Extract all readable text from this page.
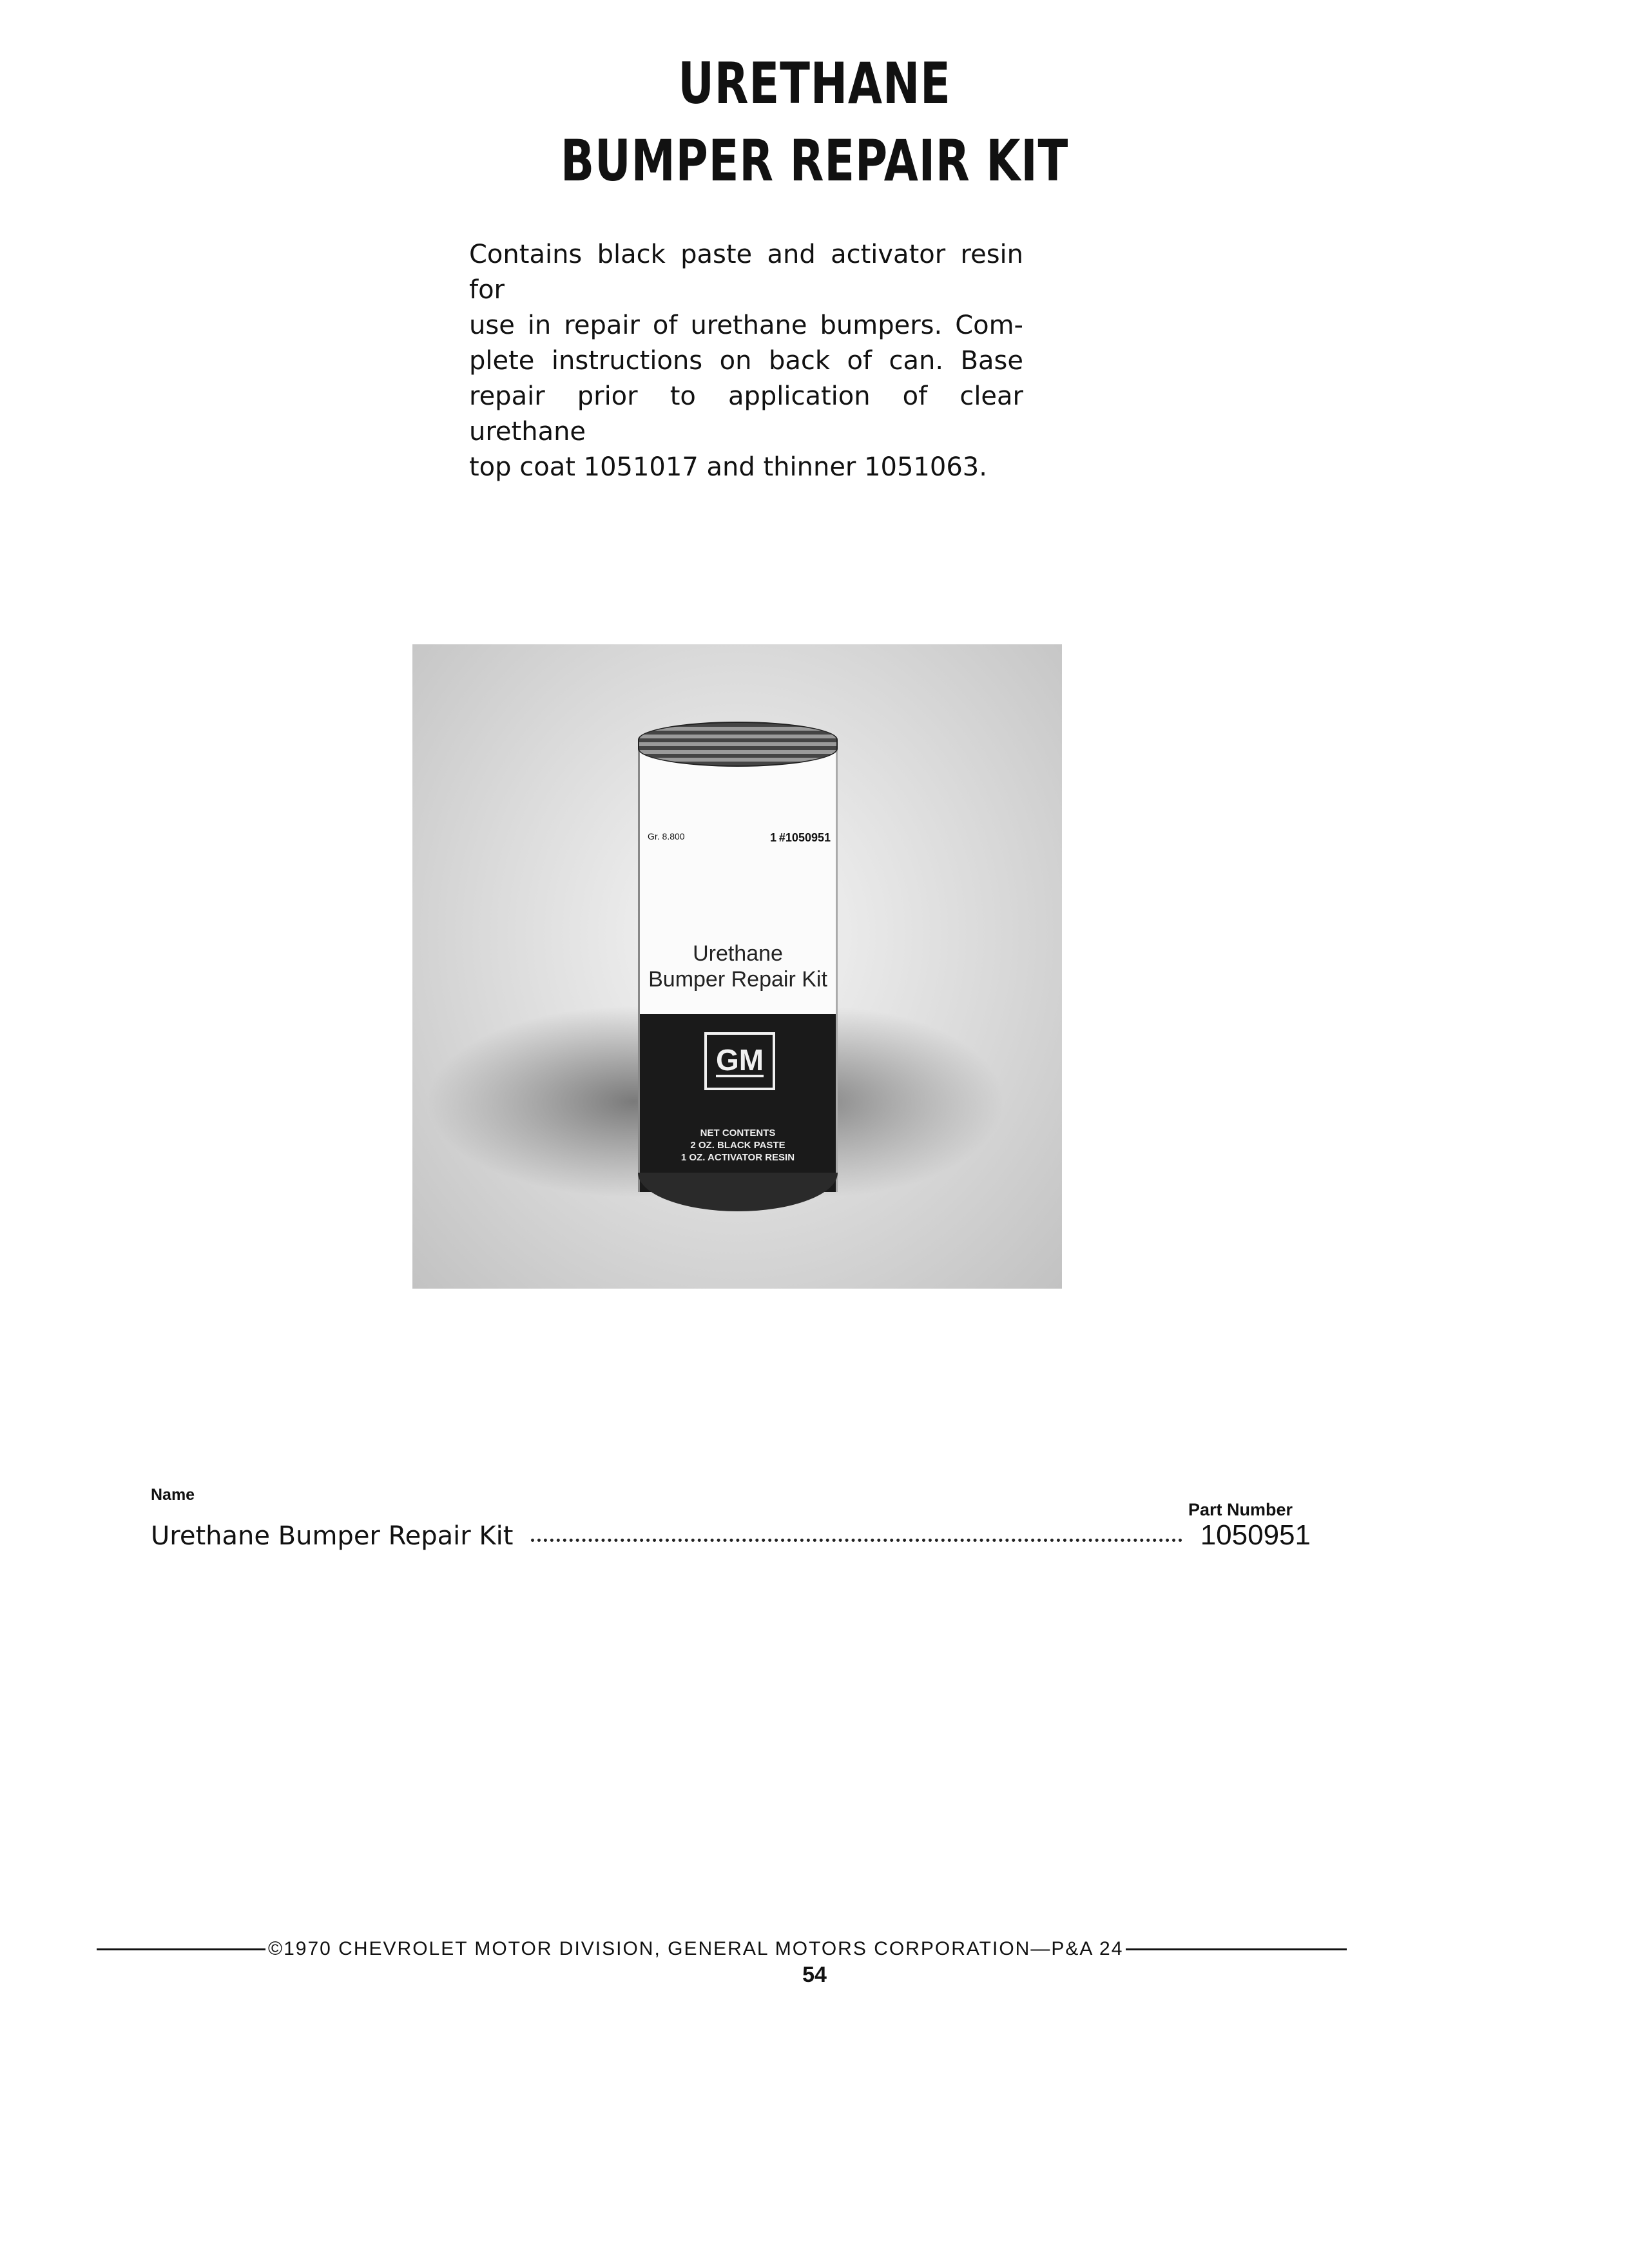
URETHANE
BUMPER REPAIR KIT
Contains black paste and activator resin for
use in repair of urethane bumpers. Com-
plete instructions on back of can. Base
repair prior to application of clear urethane
top coat 1051017 and thinner 1051063.
Gr. 8.800	1 #1050951
Urethane
Bumper Repair Kit
GM
NET CONTENTS
2 OZ. BLACK PASTE
1 OZ. ACTIVATOR RESIN
Name
Part Number
Urethane Bumper Repair Kit	1050951
©1970 CHEVROLET MOTOR DIVISION, GENERAL MOTORS CORPORATION—P&A 24
54
